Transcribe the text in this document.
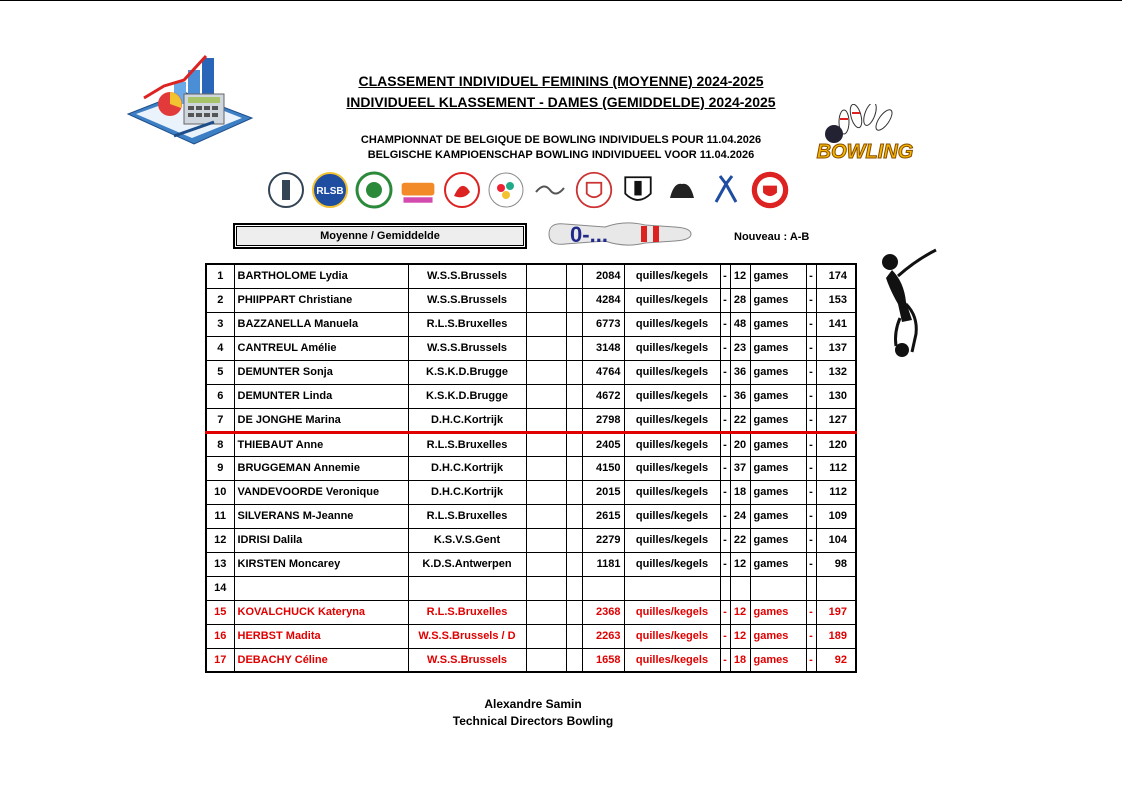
CLASSEMENT INDIVIDUEL FEMININS (MOYENNE) 2024-2025
INDIVIDUEEL KLASSEMENT - DAMES (GEMIDDELDE) 2024-2025
CHAMPIONNAT DE BELGIQUE DE BOWLING INDIVIDUELS POUR 11.04.2026
BELGISCHE KAMPIOENSCHAP BOWLING INDIVIDUEEL VOOR 11.04.2026	BOWLING
RLSB
Moyenne / Gemiddelde	0-...	Nouveau : A-B
1	BARTHOLOME Lydia	W.S.S.Brussels			2084	quilles/kegels	-	12	games	-	174
2	PHIIPPART Christiane	W.S.S.Brussels			4284	quilles/kegels	-	28	games	-	153
3	BAZZANELLA Manuela	R.L.S.Bruxelles			6773	quilles/kegels	-	48	games	-	141
4	CANTREUL Amélie	W.S.S.Brussels			3148	quilles/kegels	-	23	games	-	137
5	DEMUNTER Sonja	K.S.K.D.Brugge			4764	quilles/kegels	-	36	games	-	132
6	DEMUNTER Linda	K.S.K.D.Brugge			4672	quilles/kegels	-	36	games	-	130
7	DE JONGHE Marina	D.H.C.Kortrijk			2798	quilles/kegels	-	22	games	-	127
8	THIEBAUT Anne	R.L.S.Bruxelles			2405	quilles/kegels	-	20	games	-	120
9	BRUGGEMAN Annemie	D.H.C.Kortrijk			4150	quilles/kegels	-	37	games	-	112
10	VANDEVOORDE Veronique	D.H.C.Kortrijk			2015	quilles/kegels	-	18	games	-	112
11	SILVERANS M-Jeanne	R.L.S.Bruxelles			2615	quilles/kegels	-	24	games	-	109
12	IDRISI Dalila	K.S.V.S.Gent			2279	quilles/kegels	-	22	games	-	104
13	KIRSTEN Moncarey	K.D.S.Antwerpen			1181	quilles/kegels	-	12	games	-	98
14											
15	KOVALCHUCK Kateryna	R.L.S.Bruxelles			2368	quilles/kegels	-	12	games	-	197
16	HERBST Madita	W.S.S.Brussels / D			2263	quilles/kegels	-	12	games	-	189
17	DEBACHY Céline	W.S.S.Brussels			1658	quilles/kegels	-	18	games	-	92
Alexandre Samin
Technical Directors Bowling
